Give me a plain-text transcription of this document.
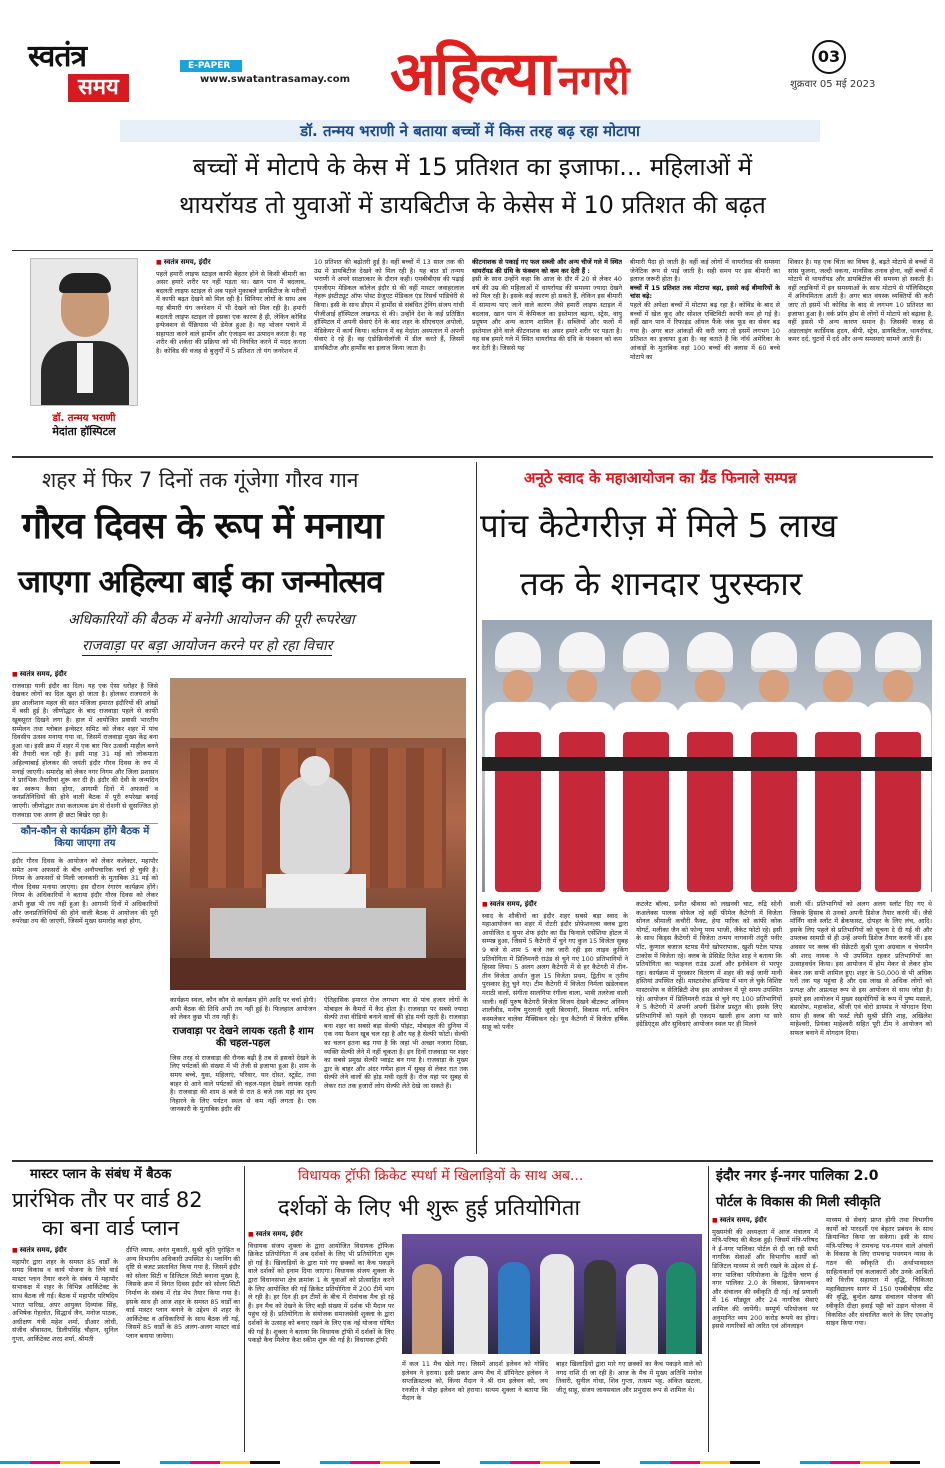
स्वतंत्र
समय
E-PAPER
www.swatantrasamay.com अहिल्या नगरी
03
शुक्रवार 05 मई 2023
डॉ. तन्मय भराणी ने बताया बच्चों में किस तरह बढ़ रहा मोटापा
बच्चों में मोटापे के केस में 15 प्रतिशत का इजाफा... महिलाओं में
थायरॉयड तो युवाओं में डायबिटीज के केसेस में 10 प्रतिशत की बढ़त
डॉ. तन्मय भराणी
मेदांता हॉस्पिटल
■ स्वतंत्र समय, इंदौर
पहले हमारी लाइफ स्टाइल काफी बेहतर होने से किसी बीमारी का असर हमारे शरीर पर नहीं पड़ता था। खान पान में बदलाव, बदलती लाइफ स्टाइल से अब पहले मुकाबले डायबिटीज के मरीजों में काफी बढ़त देखने को मिल रही है। सिनियर लोगों के साथ अब यह बीमारी यंग जनरेशन में भी देखने को मिल रही है। हमारी बदलती लाइफ स्टाइल तो इसका एक कारण है ही, लेकिन कोविड इन्फेक्शन से पैंक्रियास भी डेमेज हुआ है। यह भोजन पचाने में सहायता करने वाले हार्मोन और एंजाइम का उत्पादन करता है। यह शरीर की शर्करा की प्रक्रिया को भी नियंत्रित करने में मदद करता है। कोविड की वजह से बुजुर्गों में 5 प्रतिशत तो यंग जनरेशन में
10 प्रतिशत की बढ़ोतरी हुई है। वहीं बच्चों में 13 साल तक की उम्र में डायबिटीज देखने को मिल रही है। यह बात डॉ तन्मय भराणी ने अपने साक्षात्कार के दौरान कही। एमबीबीएस की पढ़ाई एमजीएम मेडिकल कॉलेज इंदौर से की वहीं मास्टर जवाहरलाल नेहरू इंस्टीट्यूट ऑफ पोस्ट ग्रेजुएट मेडिकल एंड रिसर्च पांडिचेरी से किया। इसी के साथ डीएम में हार्मोंस से संबंधित ट्रेनिंग संजय गांधी पीजीआई हॉस्पिटल लखनऊ से की। उन्होंने देश के कई प्रतिष्ठित हॉस्पिटल में अपनी सेवाएं देने के बाद शहर के सीएचएल अपोलो, मेडिकेयर में कार्य किया। वर्तमान में वह मेदांता अस्पताल में अपनी सेवाएं दे रहे हैं। वह एंडोक्रिनोलॉजी में डील करते हैं, जिसमें डायबिटीज और हार्मोंस का इलाज किया जाता है।
कीटनाशक से पकाई गए फल सब्जी और अन्य चीजें गले में स्थित थायरॉयड की ग्रंथि के फंक्शन को कम कर देती हैं :
इसी के साथ उन्होंने कहा कि आज के दौर में 20 से लेकर 40 वर्ष की उम्र की महिलाओं में थायरॉयड की समस्या ज्यादा देखने को मिल रही है। इसके कई कारण हो सकते हैं, लेकिन इस बीमारी में सामान्य पाए जाने वाले कारण जैसे हमारी लाइफ स्टाइल में बदलाव, खान पान में केमिकल का इस्तेमाल बढ़ना, स्ट्रेस, वायु प्रदूषण और अन्य कारण शामिल हैं। सब्जियों और फलों में इस्तेमाल होने वाले कीटनाशक का असर हमारे शरीर पर पड़ता है। यह सब हमारे गले में स्थित थायरॉयड की ग्रंथि के फंक्शन को कम कर देती है। जिससे यह
बीमारी पैदा हो जाती है। वहीं कई लोगों में थायरॉयड की समस्या जेनेटिक रूप से पाई जाती है। सही समय पर इस बीमारी का इलाज जरूरी होता है।
बच्चों में 15 प्रतिशत तक मोटापा बढ़ा, इससे कई बीमारियों के चांस बढ़े:
पहले की अपेक्षा बच्चों में मोटापा बढ़ रहा है। कोविड के बाद से बच्चों में खेल कूद और सोशल एक्टिविटी काफी कम हो गई है। वहीं खान पान में रिफाइंड ऑयल फैंके जंक फूड का सेवन बढ़ गया है। अगर बात आंकड़ों की करी जाए तो इसमें लगभग 10 प्रतिशत का इजाफा हुआ है। वह बताते हैं कि नॉर्थ अमेरिका के आंकड़ों के मुताबिक वहां 100 बच्चों की क्लास में 60 बच्चे मोटापे का
शिकार है। यह एक चिंता का विषय है, बढ़ते मोटापे से बच्चों में सांस फूलना, जल्दी थकना, मानसिक तनाव होना, वहीं बच्चों में मोटापे से थायरॉयड और डायबिटीज की समस्या हो सकती है। वहीं लड़कियों में इन समस्याओं के साथ मोटापे से पॉलिसिस्ट्स में अनियमितता आती है। अगर बात वयस्क व्यक्तियों की करी जाए तो इसमें भी कोविड के बाद से लगभग 10 प्रतिशत का इजाफा हुआ है। वर्क फ्रॉम होम से लोगों में मोटापे को बढ़ावा है, वहीं इससे भी अन्य कारण समान है। जिसकी वजह से अंडरलाइंग कार्डियक हृदय, बीपी, स्ट्रेस, डायबिटीज, थायरॉयड, कमर दर्द, घुटनों में दर्द और अन्य समस्याएं सामने आती हैं।
शहर में फिर 7 दिनों तक गूंजेगा गौरव गान
गौरव दिवस के रूप में मनाया
जाएगा अहिल्या बाई का जन्मोत्सव
अधिकारियों की बैठक में बनेगी आयोजन की पूरी रूपरेखा
राजवाड़ा पर बड़ा आयोजन करने पर हो रहा विचार
■ स्वतंत्र समय, इंदौर
राजवाड़ा यानी इंदौर का दिल। यह एक ऐसा धरोहर है जिसे देखकर लोगों का दिल खुश हो जाता है। होलकर राजघराने के इस आलीशान महल की सात मंजिला इमारत इंदौरियों की आंखों में बसी हुई है। जीणोद्धार के बाद राजवाड़ा पहले से काफी खूबसूरत दिखने लगा है। हाल में आयोजित प्रवासी भारतीय सम्मेलन तथा ग्लोबल इन्वेस्टर समिट को लेकर शहर में पांच दिवसीय उत्सव मनाया गया था, जिसमें राजवाड़ा मुख्य केंद्र बना हुआ था। इसी क्रम में शहर में एक बार फिर उत्सवी माहौल बनने की तैयारी चल रही है। इसी माह 31 मई को लोकमाता अहिल्याबाई होलकर की जयंती इंदौर गौरव दिवस के रुप में मनाई जाएगी। समारोह को लेकर नगर निगम और जिला प्रशासन ने प्रारंभिक तैयारियां शुरू कर दी है। इंदौर की देवी के जन्मदिन का स्वरूप कैसा होगा, आगामी दिनों में अफसरों व जनप्रतिनिधियों की होने वाली बैठक में पूरी रुपरेखा बनाई जाएगी। जीणोद्धार तथा कलात्मक ढंग से रोशनी से सुसज्जित हो राजवाड़ा एक अलग ही छटा बिखेर रहा है।
कौन-कौन से कार्यक्रम होंगे बैठक में किया जाएगा तय
इंदौर गौरव दिवस के आयोजन को लेकर कलेक्टर, महापौर समेत अन्य अफसरों के बीच अनौपचारिक चर्चा हो चुकी है। निगम के अफसरों से मिली जानकारी के मुताबिक 31 मई को गौरव दिवस मनाया जाएगा। इस दौरान रंगारंग कार्यक्रम होंगे। निगम के अधिकारियों ने बताया इंदौर गौरव दिवस को लेकर अभी कुछ भी तय नहीं हुआ है। आगामी दिनों में अधिकारियों और जनप्रतिनिधियों की होने वाली बैठक में आयोजन की पूरी रुपरेखा तय की जाएगी, जिसमें मुख्य समारोह कहां होगा,
कार्यक्रम स्थल, कौन कौन से कार्यक्रम होंगे आदि पर चर्चा होगी। अभी बैठक की तिथि अभी तय नहीं हुई है। फिलहाल आयोजन को लेकर कुछ भी तय नहीं है।
राजवाड़ा पर देखने लायक रहती है शाम की चहल-पहल
जिस तरह से राजवाड़ा की रौनक बढ़ी है तब से इसको देखने के लिए पर्यटकों की संख्या में भी तेजी से इजाफा हुआ है। शाम के समय बच्चे, युवा, महिलाएं, परिवार, यार दोस्त, स्टूडेंट, तथा बाहर से आने वाले पर्यटकों की चहल-पहल देखने लायक रहती है। राजवाड़ा की शाम 8 बजे से रात 8 बजे तक यहां का दृश्य निहारने के लिए पर्यटन स्थल से कम नहीं लगता है। एक जानकारी के मुताबिक इंदौर की
ऐतिहासिक इमारत रोज लगभग चार से पांच हजार लोगों के मोबाइल के कैमरों में कैद होता है। राजवाड़ा पर सबसे ज्यादा सेल्फी तथा वीडियो बनाने वालों की होड़ मची रहती है। राजवाड़ा बना शहर का सबसे बड़ा सेल्फी पॉइंट, मोबाइल की दुनिया में एक नया फैशन खूब चल रहा है और यह है सेल्फी फोटो। सेल्फी का चलन इतना बढ़ गया है कि जहां भी अच्छा नजारा दिखा, व्यक्ति सेल्फी लेने में नहीं चूकता है। इन दिनों राजवाड़ा पर शहर का सबसे प्रमुख सेल्फी प्वाइंट बन गया है। राजवाड़ा के मुख्य द्वार के बाहर और अंदर गणेश हाल में सुबह से लेकर रात तक सेल्फी लेने वालों की होड़ मची रहती है। रोज यहां पर सुबह से लेकर रात तक हजारों लोग सेल्फी लेते देखे जा सकते हैं।
अनूठे स्वाद के महाआयोजन का ग्रैंड फिनाले सम्पन्न
पांच कैटेगरीज़ में मिले 5 लाख
तक के शानदार पुरस्कार
■ स्वतंत्र समय, इंदौर
स्वाद के शौकीनों का इंदौर शहर सबसे बड़ा स्वाद के महाआयोजन का शहर में रोटरी इंदौर प्रोफेशनल्स क्लब द्वारा आयोजित द सुपर शेफ इंदौर का ग्रैंड फिनाले एसेंशिया होटल में सम्पन्न हुआ, जिसमें 5 कैटेगरी में चुने गए कुल 15 विजेता सुबह 9 बजे से शाम 5 बजे तक जारी रही इस लाइव कुकिंग प्रतियोगिता में प्रिलिमनरी राउंड से चुने गए 100 प्रतिभागियों ने हिस्सा लिया। 5 अलग अलग कैटेगरी में से हर कैटेगरी में तीन-तीन विजेता अर्थात कुल 15 विजेता प्रथम, द्वितीय व तृतीय पुरस्कार हेतु चुने गए। टीम कैटेगरी में विजेता निर्मला खंडेलवाल मराठी वालों, संगीता सालगिया रंगीला वाला, भावी तलरेजा वाली थाली। वहीं पुरुष कैटेगरी विजेता विजय देखने बीटरूट अनियन शालीवीड, मनीष मुरलानी जूसी बिरयानी, विकास गर्ग, सचिन कस्मलेकर वालेवा मैक्सिकन रहे। यूथ कैटेगरी में विजेता हर्षिक साहू को पनीर
कटलेट बॉल्स, प्रनीत श्रीवास को लखनवी चाट, रुद्रि सोनी कअलेक्स पालक वोफेल रहे वहीं फीमेल कैटेगरी में विजेता सोनल श्रीमाली कचौरी फैक्ट, हेया पारिक को कांफी कोक योगर्ट, मलीका जैन को फोन्यू परम भाजी, जैकेट फोटो रहे। इसी के साथ किड्स कैटेगरी में विजेता तन्मय नागवानी तंदूरी पनीर पॉट, कुणाल बजाज स्टफ्ड मैंगो खोपरापाक, खुशी पटेल पापड़ टाकोस में विजेता रहे। क्लब के प्रेसिडेंट रितेश शाह ने बताया कि प्रतियोगिता का फाइनल राउंड ऊर्जा और इनोवेशन से भरपूर रहा। कार्यक्रम में पुरस्कार वितरण में शहर की कई जानी मानी हस्तियां उपस्थित रहीं। मास्टरशेफ इण्डिया में भाग ले चुके विशिष्ट मास्टरशेफ व सेलिब्रिटी शेफ इस आयोजन में पूरे समय उपस्थित रहे। आयोजन में प्रिलिमनरी राउंड से चुने गए 100 प्रतिभागियों ने 5 कैटेगरी में अपनी अपनी डिशेज प्रस्तुत की। इसके लिए प्रतिभागियों को पहले ही एकदम खाली हाथ आना था सारे इंग्रेडिएंट्स और सुविधाएं आयोजन स्थल पर ही मिलने
वाली थीं। प्रतिभागियों को अलग अलग स्लॉट दिए गए थे जिसके हिसाब से उनको अपनी डिशेज तैयार करनी थीं। जैसे मॉर्निंग वाले स्लॉट में ब्रेकफास्ट, दोपहर के लिए लंच, आदि। इसके लिए पहले से प्रतिभागियों को सूचना दे दी गई थी और उपलब्ध सामग्री से ही उन्हें अपनी डिशेज तैयार करनी थीं। इस अवसर पर क्लब की सेक्रेटरी सुश्री पूजा अग्रवाल व चेयरमैन श्री शरद नायक ने भी उपस्थित रहकर प्रतिभागियों का उत्साहवर्धन किया। इस आयोजन में होम मेकर से लेकर होम बेकर तक सभी शामिल हुए। शहर के 50,000 से भी अधिक घरों तक यह पहुंचा है और दस लाख से अधिक लोगों को प्रत्यक्ष और अप्रत्यक्ष रूप से इस आयोजन से साथ जोड़ा है। हमारे इस आयोजन में मुख्य सहयोगियों के रूप में पुष्प मसाले, बंडरशेफ, महाकोश, श्रीजी एवं वोरो डायमंड ने योगदान दिया साथ ही क्लब की फर्स्ट लेडी सुश्री प्रीति शाह, अखिलेश माहेश्वरी, प्रियंका माहेश्वरी सहित पूरी टीम ने आयोजन को सफल बनाने में योगदान दिया।
मास्टर प्लान के संबंध में बैठक
प्रारंभिक तौर पर वार्ड 82
का बना वार्ड प्लान
■ स्वतंत्र समय, इंदौर
महापौर द्वारा शहर के समस्त 85 वार्डों के समग्र विकास व कार्य योजना के लिये वार्ड मास्टर प्लान तैयार करने के संबंध में महापौर सभाकक्ष में शहर के विभिन्न आर्किटेक्ट के साथ बैठक ली गई। बैठक में महापौर परिषदिय भारत पारिख, अपर आयुक्त दिव्यांक सिंह, अभिषेक गेहलोत, सिद्धार्थ जैन, मनोज पाठक, अधीक्षण यंत्री महेश शर्मा, डीआर लोधी, संजीव श्रीवास्तव, डिलीपसिंह चौहान, सुनिल गुप्ता, आर्किटेक्ट शरद शर्मा, श्रीमती
दीप्ति व्यास, अनंत मुकाती, सुश्री श्रुति पुरोहित व अन्य विभागीय अधिकारी उपस्थित थे। प्लानिंग की दृष्टि से बजट प्रस्तावित किया गया है, जिसमें इंदौर को सोलर सिटी व डिजिटल सिटी बनाना मुख्य है, जिसके क्रम में विगत दिवस इंदौर को सोलर सिटी निर्माण के संबंध में रोड मेप तैयार किया गया है। इसके साथ ही आज शहर के समस्त 85 वार्डों का वार्ड मास्टर प्लान बनाने के उद्देश्य से शहर के आर्किटेक्ट व अधिकारियों के साथ बैठक ली गई, जिसमें 85 वार्डों के 85 अलग-अलग मास्टर वार्ड प्लान बनाया जायेगा।
विधायक ट्रॉफी क्रिकेट स्पर्धा में खिलाड़ियों के साथ अब...
दर्शकों के लिए भी शुरू हुई प्रतियोगिता
■ स्वतंत्र समय, इंदौर
विधायक संजय शुक्ला के द्वारा आयोजित विधायक ट्रॉफिक क्रिकेट प्रतियोगिता में अब दर्शकों के लिए भी प्रतियोगिता शुरू हो गई है। खिलाड़ियों के द्वारा मारे गए छक्कों का कैच पकड़ने वाले दर्शकों को इनाम दिया जाएगा। विधायक संजय शुक्ला के द्वारा विधानसभा क्षेत्र क्रमांक 1 के युवाओं को प्रोत्साहित करने के लिए आयोजित की गई क्रिकेट प्रतियोगिता में 200 टीमें भाग ले रही है। हर दिन ही इन टीमों के बीच में रोमांचक मैच हो रहे हैं। इन मैच को देखने के लिए बड़ी संख्या में दर्शक भी मैदान पर पहुंच रहे हैं। प्रतियोगिता के संयोजक समाजसेवी शुक्ला के द्वारा दर्शकों के उत्साह को बनाए रखने के लिए एक नई योजना घोषित की गई है। शुक्ला ने बताया कि विधायक ट्रॉफी में दर्शकों के लिए पकड़ो कैच मिलेगा कैश स्कीम शुरू की गई है। विधायक ट्रॉफी
में कल 11 मैच खेले गए। जिसमें आदर्श इलेवन को गोविंद इलेवन ने हराया। इसी प्रकार अन्य मैच में डॉमिनेटर इलेवन ने सप्तक्रिस्टल्स को, किंग्स मैदान ने श्री राम इलेवन को, जय रनजीत ने पोहा इलेवन को हराया। सत्यम शुक्ला ने बताया कि मैदान के
बाहर खिलाड़ियों द्वारा मारे गए छक्कों का कैच पकड़ने वाले को नगद राशि दी जा रही है। आज के मैच में मुख्य अतिथि मनोज तिवारी, सुनील गोधा, शिव गुप्ता, तत्सम भट्ट, अंकित खटला, जीतू साहू, संजय जायसवाल और प्रभुदास रूप से शामिल थे।
इंदौर नगर ई-नगर पालिका 2.0
पोर्टल के विकास की मिली स्वीकृति
■ स्वतंत्र समय, इंदौर
मुख्यमंत्री की अध्यक्षता में आज मंत्रालय में मंत्रि-परिषद की बैठक हुई। जिसमें मंत्रि-परिषद ने ई-नगर पालिका पोर्टल से दी जा रही सभी नागरिक सेवाओं और विभागीय कार्यों को डिजिटल माध्यम से जारी रखने के उद्देश्य से ई-नगर पालिका परियोजना के द्वितीय चरण ई नगर पालिका 2.0 के विकास, क्रियान्वयन और संचालन की स्वीकृति दी गई। नई प्रणाली में 16 मॉड्यूल और 24 नागरिक सेवाएं शामिल की जायेंगी। सम्पूर्ण परियोजना पर अनुमानित व्यय 200 करोड़ रूपये का होगा। इससे नागरिकों को त्वरित एवं ऑनलाइन
माध्यम से सेवाएं प्राप्त होंगी तथा विभागीय कार्यों को पारदर्शी एवं बेहतर प्रबंधन के साथ क्रियान्वित किया जा सकेगा। इसी के साथ मंत्रि-परिषद ने रामचन्द्र पथ-गमन वाले अंचलों के विकास के लिए रामचन्द्र पथगमन न्यास के गठन की स्वीकृति दी। अर्थाभावग्रस्त साहित्यकारों एवं कलाकारों और उनके आश्रितों को वित्तीय सहायता में वृद्धि, चिकित्सा महाविद्यालय सागर में 150 एमबीबीएस सीट की वृद्धि, बुन्देल खण्ड संचालन योजना की स्वीकृति दीक्षा हवाई पट्टी को उड़ान योजना में विकसित और संचालित करने के लिए एमओयू साइन किया गया।
